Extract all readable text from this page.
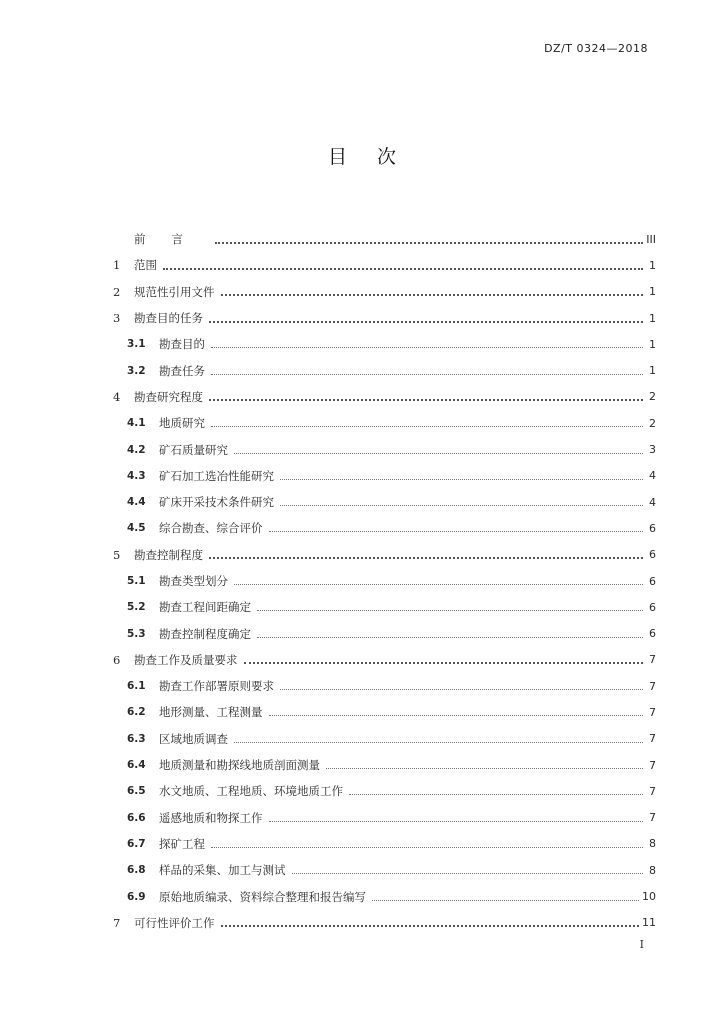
DZ/T 0324—2018
目次
前言	III
1	范围	1
2	规范性引用文件	1
3	勘查目的任务	1
3.1	勘查目的	1
3.2	勘查任务	1
4	勘查研究程度	2
4.1	地质研究	2
4.2	矿石质量研究	3
4.3	矿石加工选冶性能研究	4
4.4	矿床开采技术条件研究	4
4.5	综合勘查、综合评价	6
5	勘查控制程度	6
5.1	勘查类型划分	6
5.2	勘查工程间距确定	6
5.3	勘查控制程度确定	6
6	勘查工作及质量要求	7
6.1	勘查工作部署原则要求	7
6.2	地形测量、工程测量	7
6.3	区域地质调查	7
6.4	地质测量和勘探线地质剖面测量	7
6.5	水文地质、工程地质、环境地质工作	7
6.6	遥感地质和物探工作	7
6.7	探矿工程	8
6.8	样品的采集、加工与测试	8
6.9	原始地质编录、资料综合整理和报告编写	10
7	可行性评价工作	11
I
